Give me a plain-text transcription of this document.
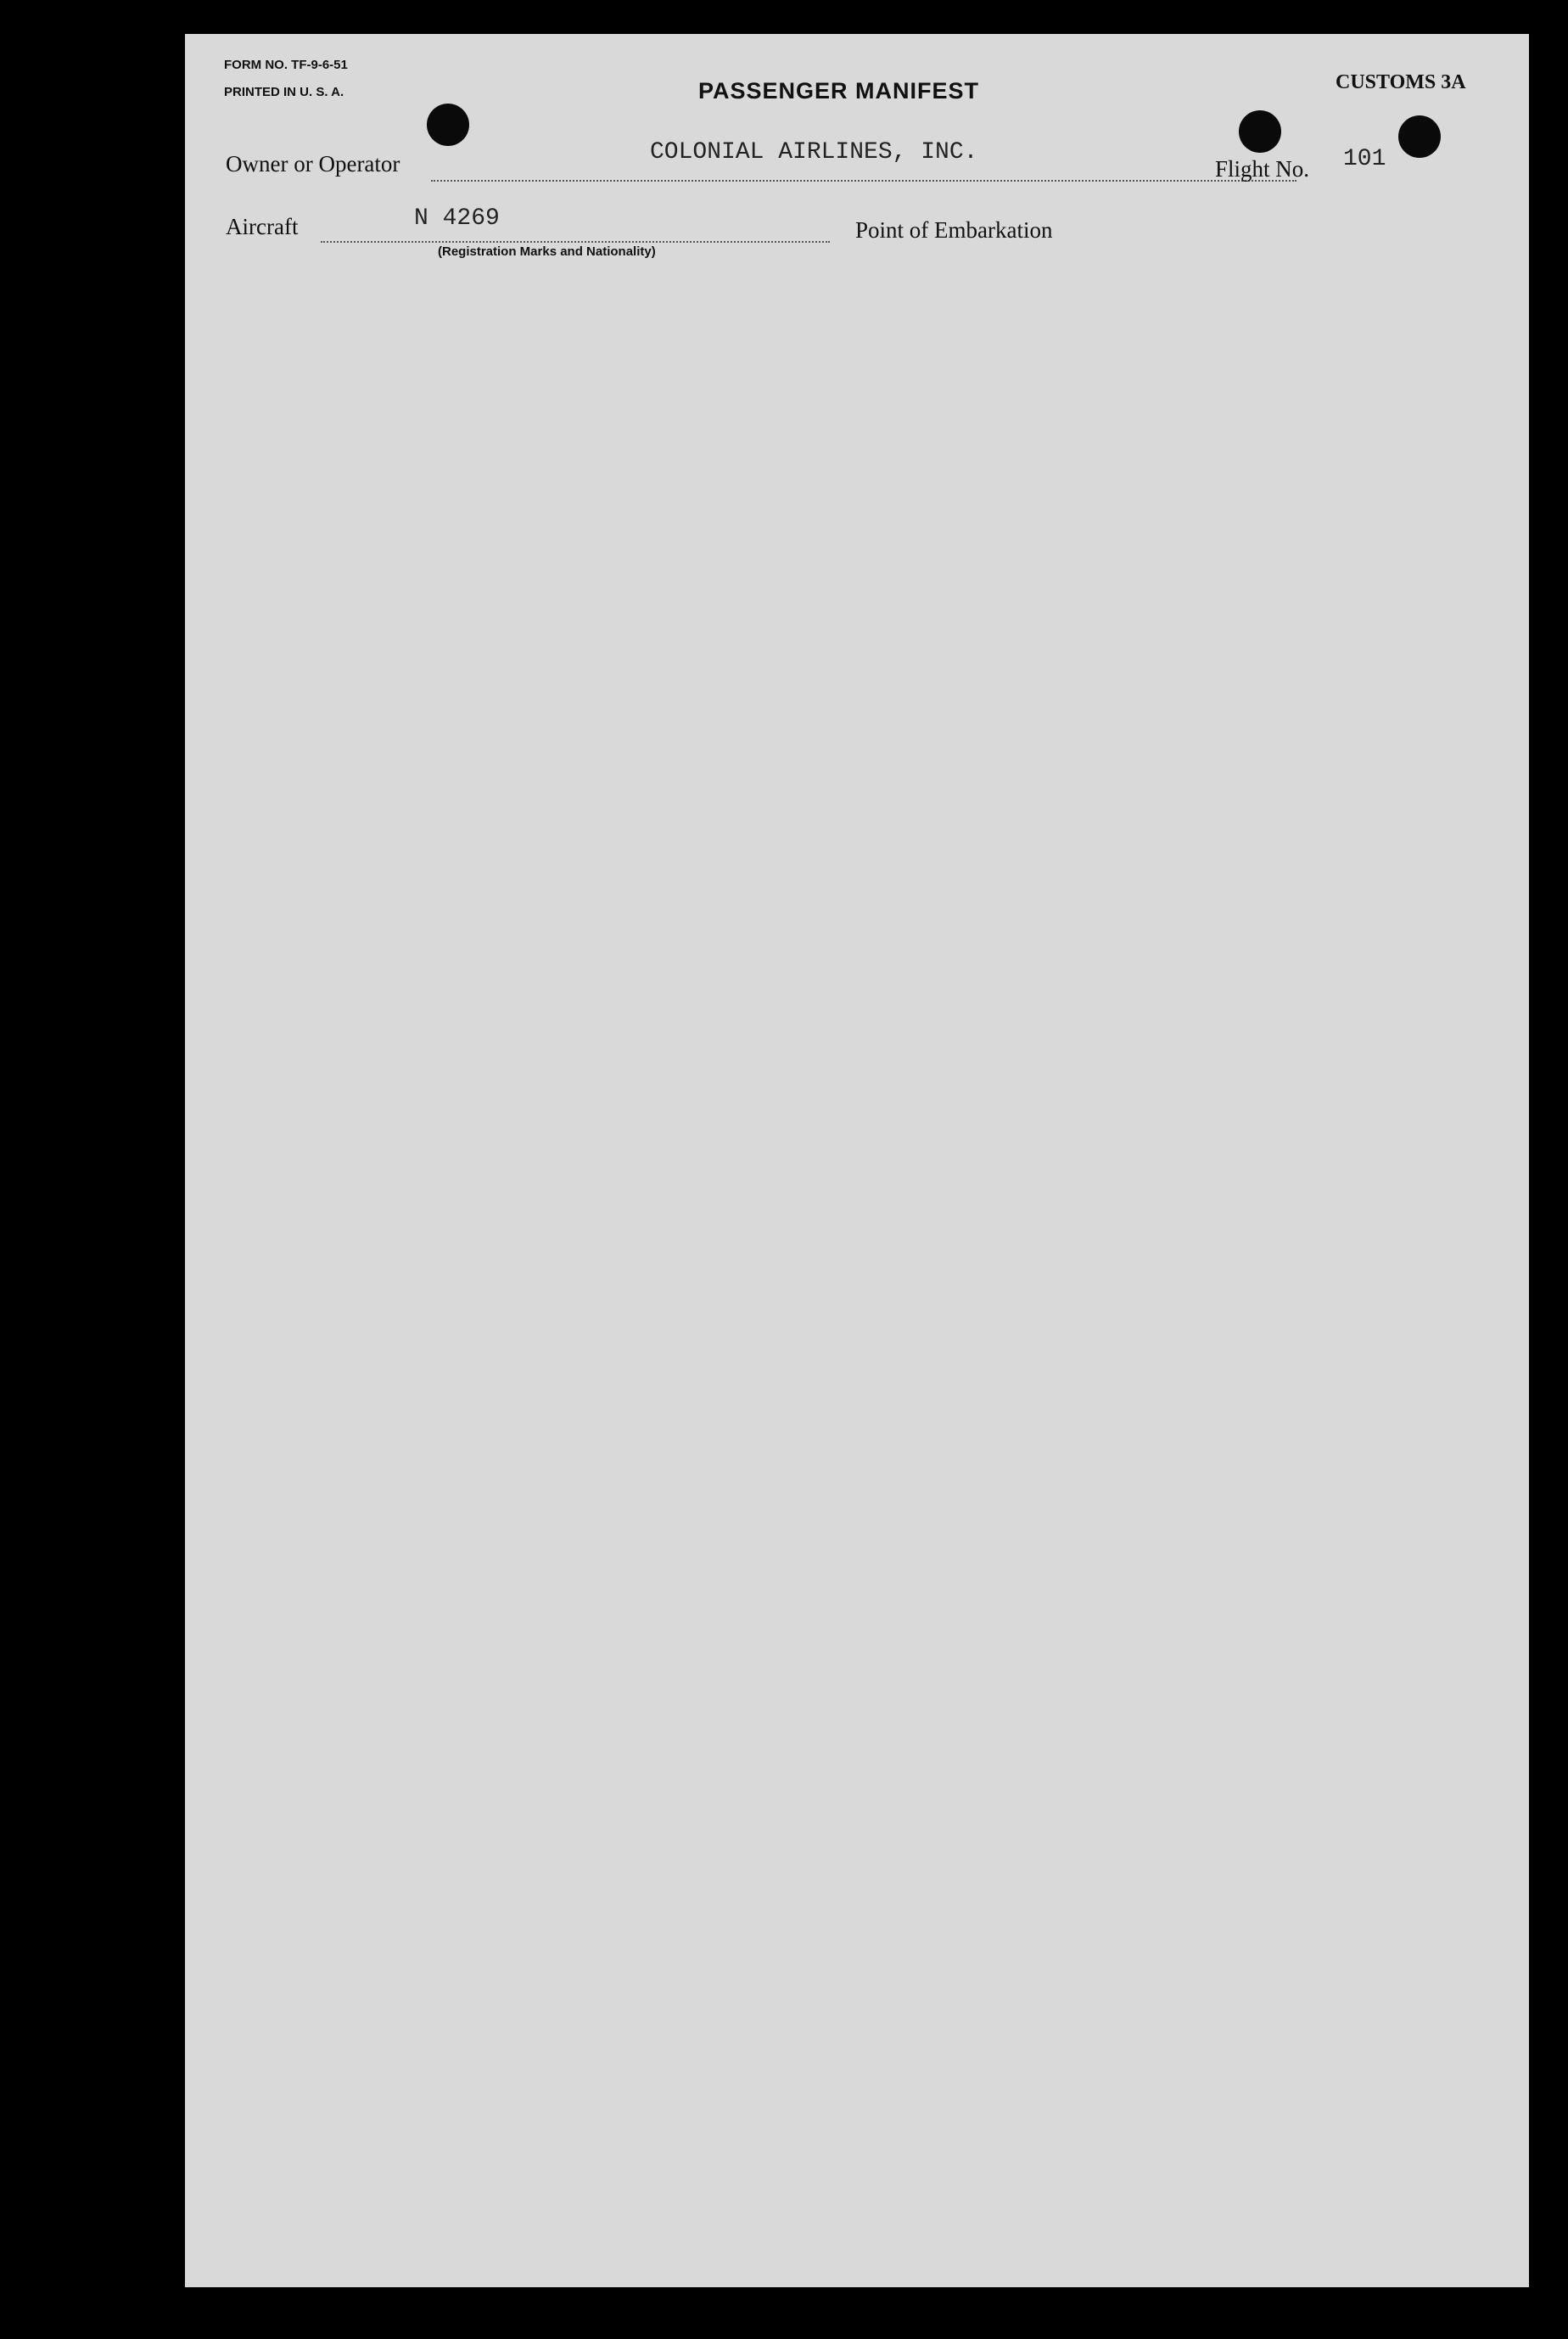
FORM NO. TF-9-6-51
PRINTED IN U. S. A.	PASSENGER MANIFEST	CUSTOMS 3A
Owner or Operator	COLONIAL AIRLINES, INC.
Flight No. 101
Aircraft	N 4269
(Registration Marks and Nationality)
Point of Embarkation
